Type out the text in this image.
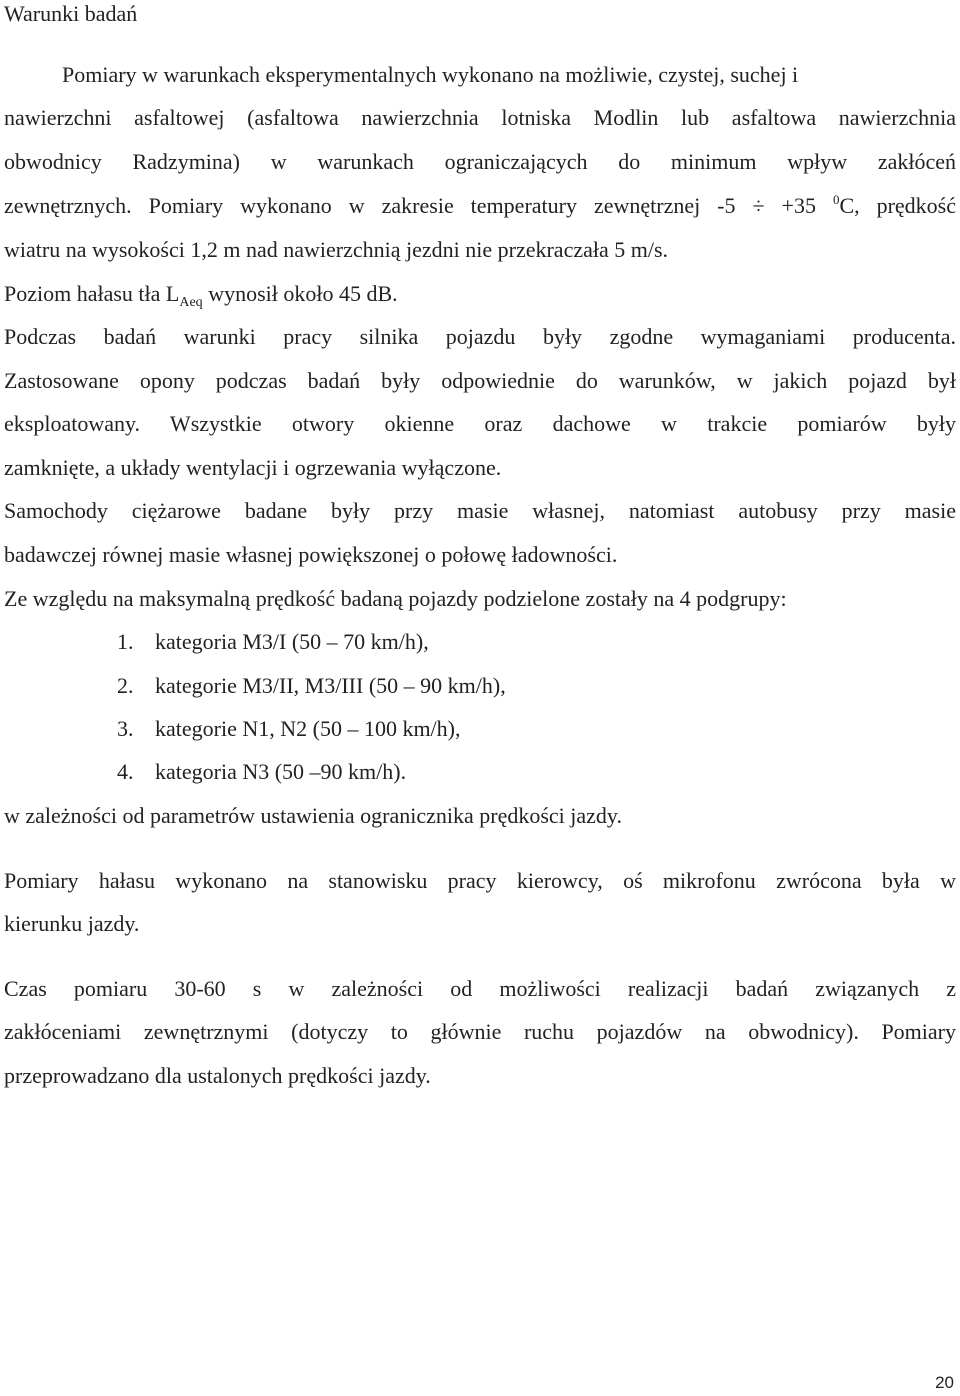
Warunki badań
Pomiary w warunkach eksperymentalnych wykonano na możliwie, czystej, suchej i
nawierzchni asfaltowej (asfaltowa nawierzchnia lotniska Modlin lub asfaltowa nawierzchnia
obwodnicy Radzymina) w warunkach ograniczających do minimum wpływ zakłóceń
zewnętrznych. Pomiary wykonano w zakresie temperatury zewnętrznej -5 ÷ +35 $^0$C, prędkość
wiatru na wysokości 1,2 m nad nawierzchnią jezdni nie przekraczała 5 m/s.
Poziom hałasu tła $L_{Aeq}$ wynosił około 45 dB.
Podczas badań warunki pracy silnika pojazdu były zgodne wymaganiami producenta.
Zastosowane opony podczas badań były odpowiednie do warunków, w jakich pojazd był
eksploatowany. Wszystkie otwory okienne oraz dachowe w trakcie pomiarów były
zamknięte, a układy wentylacji i ogrzewania wyłączone.
Samochody ciężarowe badane były przy masie własnej, natomiast autobusy przy masie
badawczej równej masie własnej powiększonej o połowę ładowności.
Ze względu na maksymalną prędkość badaną pojazdy podzielone zostały na 4 podgrupy:
1. kategoria M3/I (50 – 70 km/h),
2. kategorie M3/II, M3/III (50 – 90 km/h),
3. kategorie N1, N2 (50 – 100 km/h),
4. kategoria N3 (50 –90 km/h).
w zależności od parametrów ustawienia ogranicznika prędkości jazdy.
Pomiary hałasu wykonano na stanowisku pracy kierowcy, oś mikrofonu zwrócona była w
kierunku jazdy.
Czas pomiaru 30-60 s w zależności od możliwości realizacji badań związanych z
zakłóceniami zewnętrznymi (dotyczy to głównie ruchu pojazdów na obwodnicy). Pomiary
przeprowadzano dla ustalonych prędkości jazdy.
20
